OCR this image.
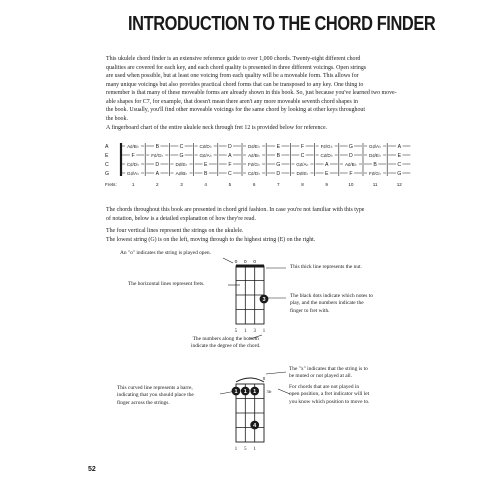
INTRODUCTION TO THE CHORD FINDER
This ukulele chord finder is an extensive reference guide to over 1,000 chords. Twenty-eight different chord
qualities are covered for each key, and each chord quality is presented in three different voicings. Open strings
are used when possible, but at least one voicing from each quality will be a moveable form. This allows for
many unique voicings but also provides practical chord forms that can be transposed to any key. One thing to
remember is that many of these moveable forms are already shown in this book. So, just because you've learned two move-
able shapes for C7, for example, that doesn't mean there aren't any more moveable seventh chord shapes in
the book. Usually, you'll find other moveable voicings for the same chord by looking at other keys throughout
the book.
A fingerboard chart of the entire ukulele neck through fret 12 is provided below for reference.
A	A♯/B♭	B	C	C♯/D♭	D	D♯/E♭	E	F	F♯/G♭	G	G♯/A♭	A
E	F	F♯/G♭	G	G♯/A♭	A	A♯/B♭	B	C	C♯/D♭	D	D♯/E♭	E
C	C♯/D♭	D	D♯/E♭	E	F	F♯/G♭	G	G♯/A♭	A	A♯/B♭	B	C
G	G♯/A♭	A	A♯/B♭	B	C	C♯/D♭	D	D♯/E♭	E	F	F♯/G♭	G
Frets:	1	2	3	4	5	6	7	8	9	10	11	12
The chords throughout this book are presented in chord grid fashion. In case you're not familiar with this type
of notation, below is a detailed explanation of how they're read.
The four vertical lines represent the strings on the ukulele.
The lowest string (G) is on the left, moving through to the highest string (E) on the right.
o o o
3
5 1 3 1
An "o" indicates the string is played open.
This thick line represents the nut.
The horizontal lines represent frets.
The black dots indicate which notes to
play, and the numbers indicate the
finger to fret with.
The numbers along the bottom
indicate the degree of the chord.
x
3fr
1 1 1
4
1 5 1
The "x" indicates that the string is to
be muted or not played at all.
For chords that are not played in
open position, a fret indicator will let
you know which position to move to.
This curved line represents a barre,
indicating that you should place the
finger across the strings.
52
